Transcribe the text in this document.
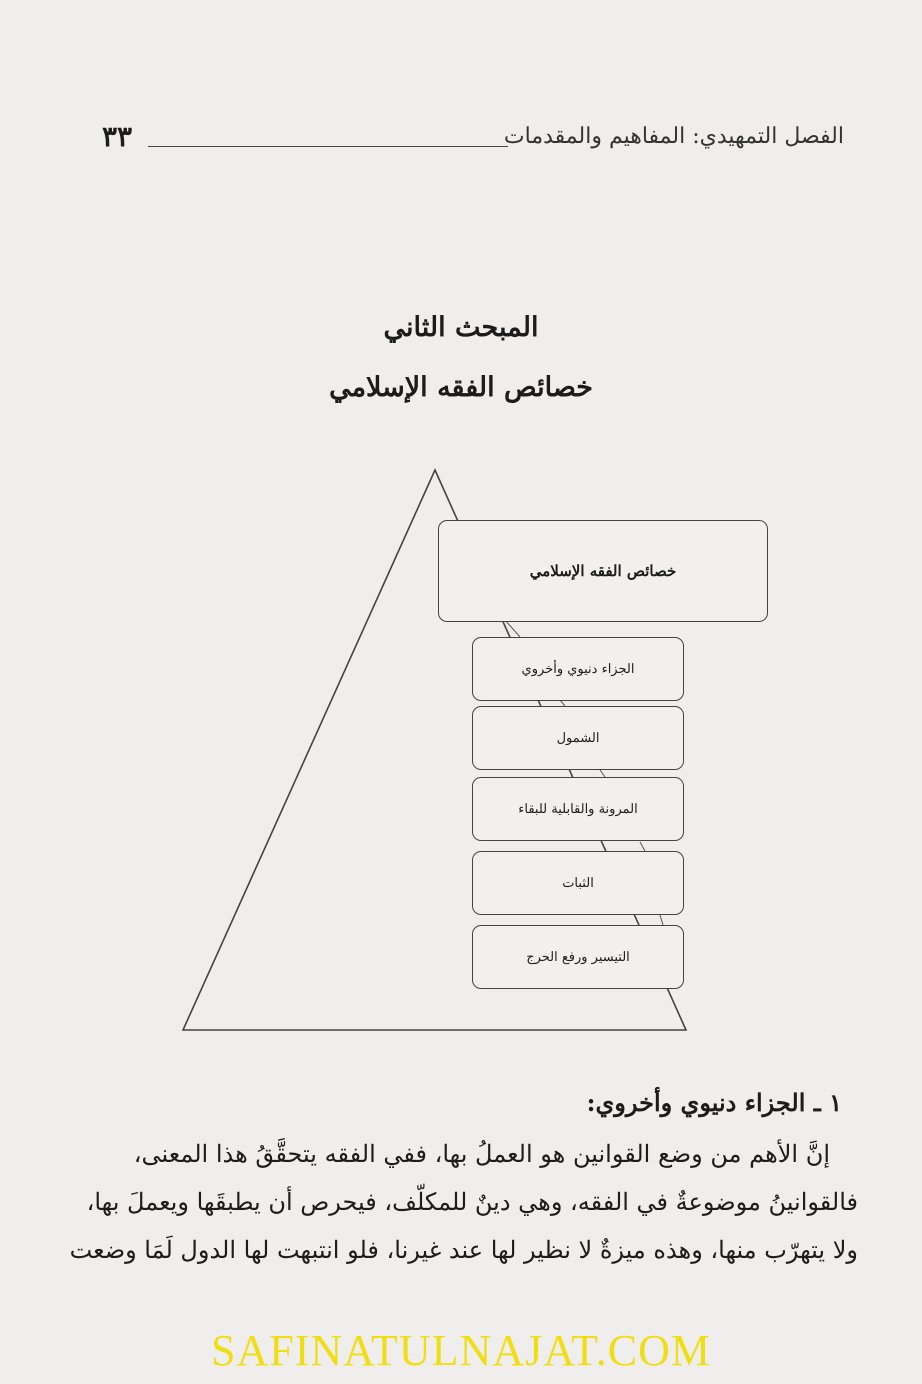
الفصل التمهيدي: المفاهيم والمقدمات
٣٣
المبحث الثاني
خصائص الفقه الإسلامي
خصائص الفقه الإسلامي
الجزاء دنيوي وأخروي
الشمول
المرونة والقابلية للبقاء
الثبات
التيسير ورفع الحرج
١ ـ الجزاء دنيوي وأخروي:
إنَّ الأهم من وضع القوانين هو العملُ بها، ففي الفقه يتحقَّقُ هذا المعنى،
فالقوانينُ موضوعةٌ في الفقه، وهي دينٌ للمكلّف، فيحرص أن يطبقَها ويعملَ بها،
ولا يتهرّب منها، وهذه ميزةٌ لا نظير لها عند غيرنا، فلو انتبهت لها الدول لَمَا وضعت
SAFINATULNAJAT.COM
